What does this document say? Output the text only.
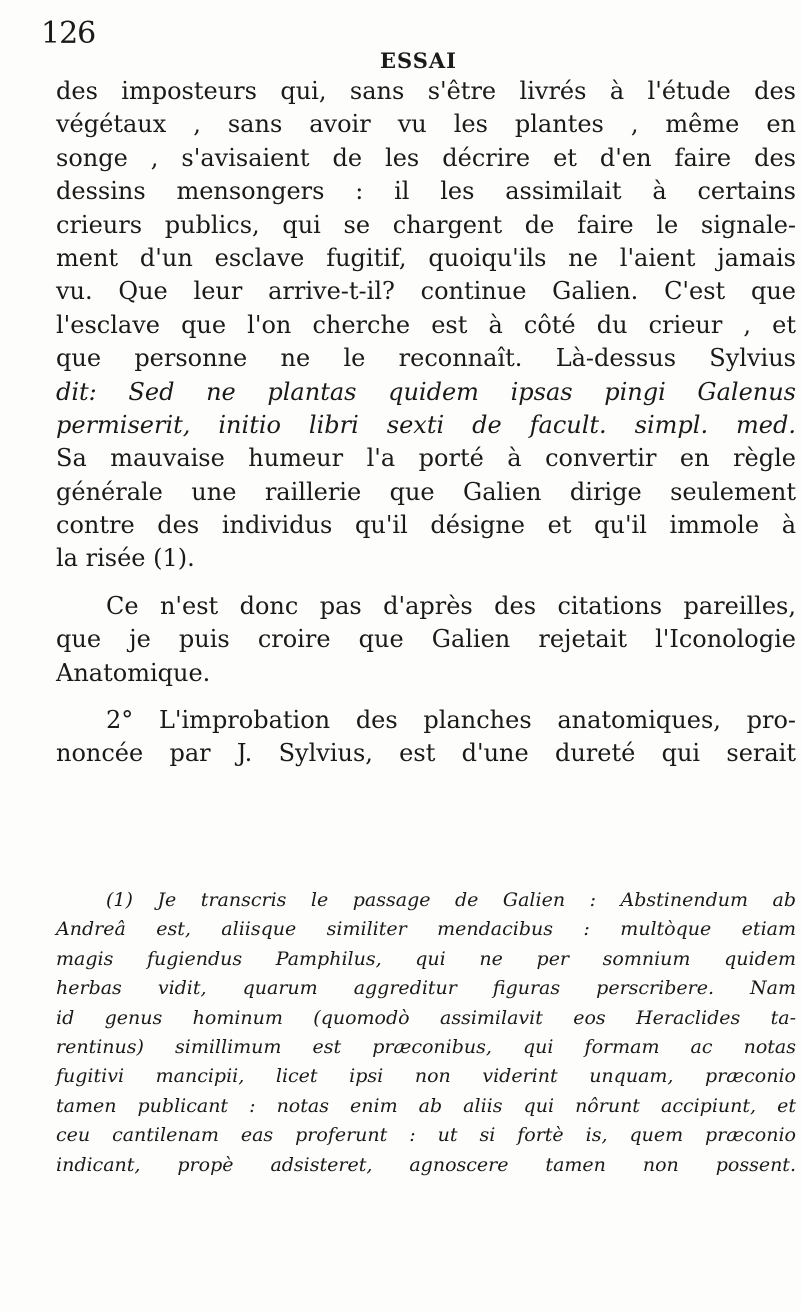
126
ESSAI
des imposteurs qui, sans s'être livrés à l'étude des
végétaux , sans avoir vu les plantes , même en
songe , s'avisaient de les décrire et d'en faire des
dessins mensongers : il les assimilait à certains
crieurs publics, qui se chargent de faire le signale-
ment d'un esclave fugitif, quoiqu'ils ne l'aient jamais
vu. Que leur arrive-t-il? continue Galien. C'est que
l'esclave que l'on cherche est à côté du crieur , et
que personne ne le reconnaît. Là-dessus Sylvius
dit: Sed ne plantas quidem ipsas pingi Galenus
permiserit, initio libri sexti de facult. simpl. med.
Sa mauvaise humeur l'a porté à convertir en règle
générale une raillerie que Galien dirige seulement
contre des individus qu'il désigne et qu'il immole à
la risée (1).
Ce n'est donc pas d'après des citations pareilles,
que je puis croire que Galien rejetait l'Iconologie
Anatomique.
2° L'improbation des planches anatomiques, pro-
noncée par J. Sylvius, est d'une dureté qui serait
(1) Je transcris le passage de Galien : Abstinendum ab
Andreâ est, aliisque similiter mendacibus : multòque etiam
magis fugiendus Pamphilus, qui ne per somnium quidem
herbas vidit, quarum aggreditur figuras perscribere. Nam
id genus hominum (quomodò assimilavit eos Heraclides ta-
rentinus) simillimum est præconibus, qui formam ac notas
fugitivi mancipii, licet ipsi non viderint unquam, præconio
tamen publicant : notas enim ab aliis qui nôrunt accipiunt, et
ceu cantilenam eas proferunt : ut si fortè is, quem præconio
indicant, propè adsisteret, agnoscere tamen non possent.
